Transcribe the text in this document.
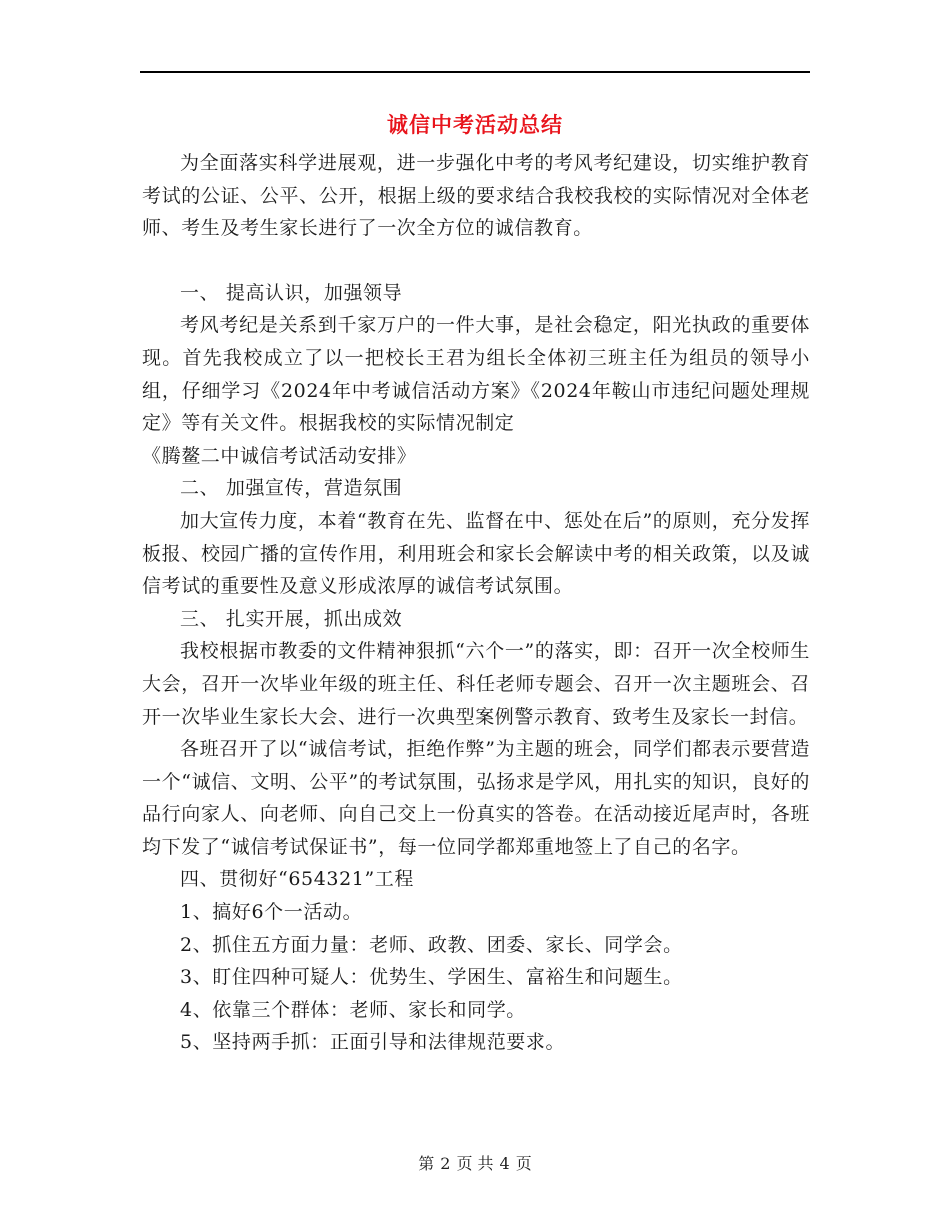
诚信中考活动总结

为全面落实科学进展观，进一步强化中考的考风考纪建设，切实维护教育考试的公证、公平、公开，根据上级的要求结合我校我校的实际情况对全体老师、考生及考生家长进行了一次全方位的诚信教育。

一、 提高认识，加强领导

考风考纪是关系到千家万户的一件大事，是社会稳定，阳光执政的重要体现。首先我校成立了以一把校长王君为组长全体初三班主任为组员的领导小组，仔细学习《2024年中考诚信活动方案》《2024年鞍山市违纪问题处理规定》等有关文件。根据我校的实际情况制定

《腾鳌二中诚信考试活动安排》

二、 加强宣传，营造氛围

加大宣传力度，本着“教育在先、监督在中、惩处在后”的原则，充分发挥板报、校园广播的宣传作用，利用班会和家长会解读中考的相关政策，以及诚信考试的重要性及意义形成浓厚的诚信考试氛围。

三、 扎实开展，抓出成效

我校根据市教委的文件精神狠抓“六个一”的落实，即：召开一次全校师生大会，召开一次毕业年级的班主任、科任老师专题会、召开一次主题班会、召开一次毕业生家长大会、进行一次典型案例警示教育、致考生及家长一封信。

各班召开了以“诚信考试，拒绝作弊”为主题的班会，同学们都表示要营造一个“诚信、文明、公平”的考试氛围，弘扬求是学风，用扎实的知识，良好的品行向家人、向老师、向自己交上一份真实的答卷。在活动接近尾声时，各班均下发了“诚信考试保证书”，每一位同学都郑重地签上了自己的名字。

四、贯彻好“654321”工程

1、搞好6个一活动。

2、抓住五方面力量：老师、政教、团委、家长、同学会。

3、盯住四种可疑人：优势生、学困生、富裕生和问题生。

4、依靠三个群体：老师、家长和同学。

5、坚持两手抓：正面引导和法律规范要求。

第 2 页 共 4 页
